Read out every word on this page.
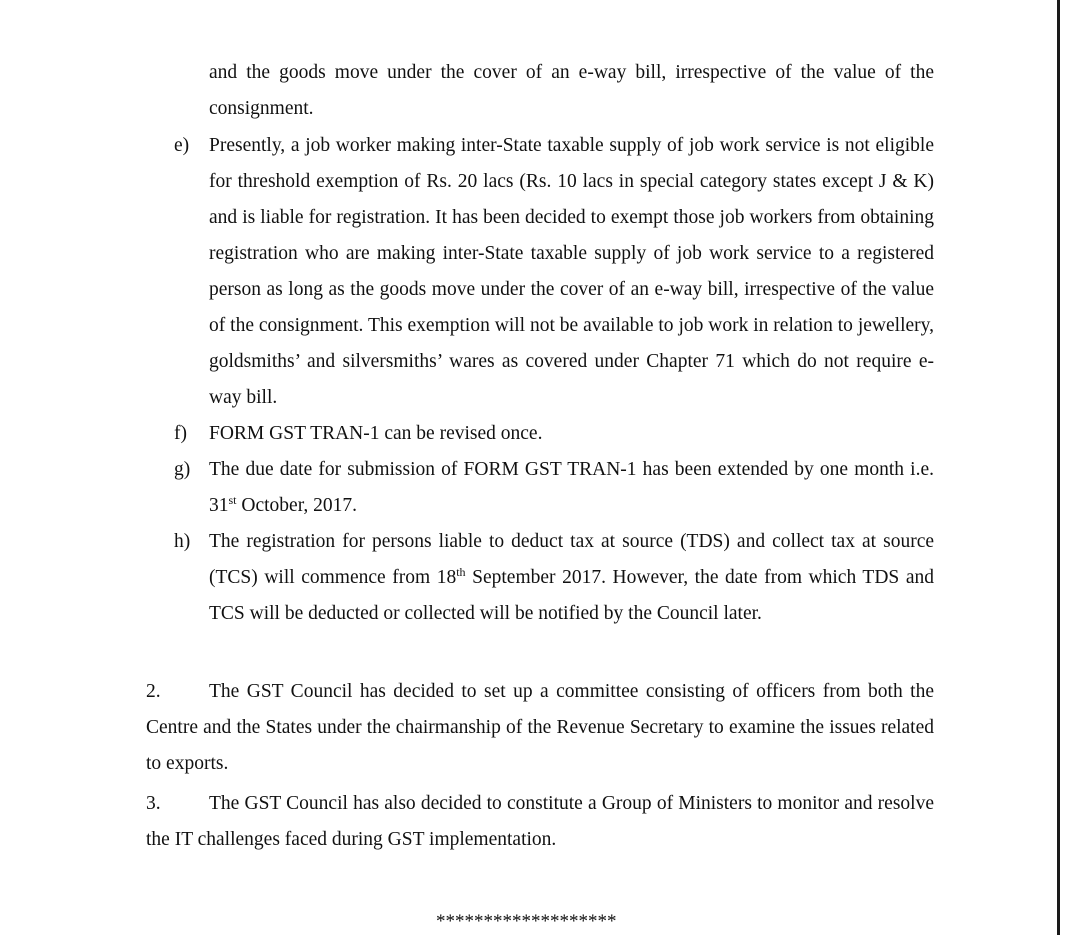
and the goods move under the cover of an e-way bill, irrespective of the value of the consignment.
e) Presently, a job worker making inter-State taxable supply of job work service is not eligible for threshold exemption of Rs. 20 lacs (Rs. 10 lacs in special category states except J & K) and is liable for registration. It has been decided to exempt those job workers from obtaining registration who are making inter-State taxable supply of job work service to a registered person as long as the goods move under the cover of an e-way bill, irrespective of the value of the consignment. This exemption will not be available to job work in relation to jewellery, goldsmiths’ and silversmiths’ wares as covered under Chapter 71 which do not require e-way bill.
f) FORM GST TRAN-1 can be revised once.
g) The due date for submission of FORM GST TRAN-1 has been extended by one month i.e. 31st October, 2017.
h) The registration for persons liable to deduct tax at source (TDS) and collect tax at source (TCS) will commence from 18th September 2017. However, the date from which TDS and TCS will be deducted or collected will be notified by the Council later.
2. The GST Council has decided to set up a committee consisting of officers from both the Centre and the States under the chairmanship of the Revenue Secretary to examine the issues related to exports.
3. The GST Council has also decided to constitute a Group of Ministers to monitor and resolve the IT challenges faced during GST implementation.
*******************
